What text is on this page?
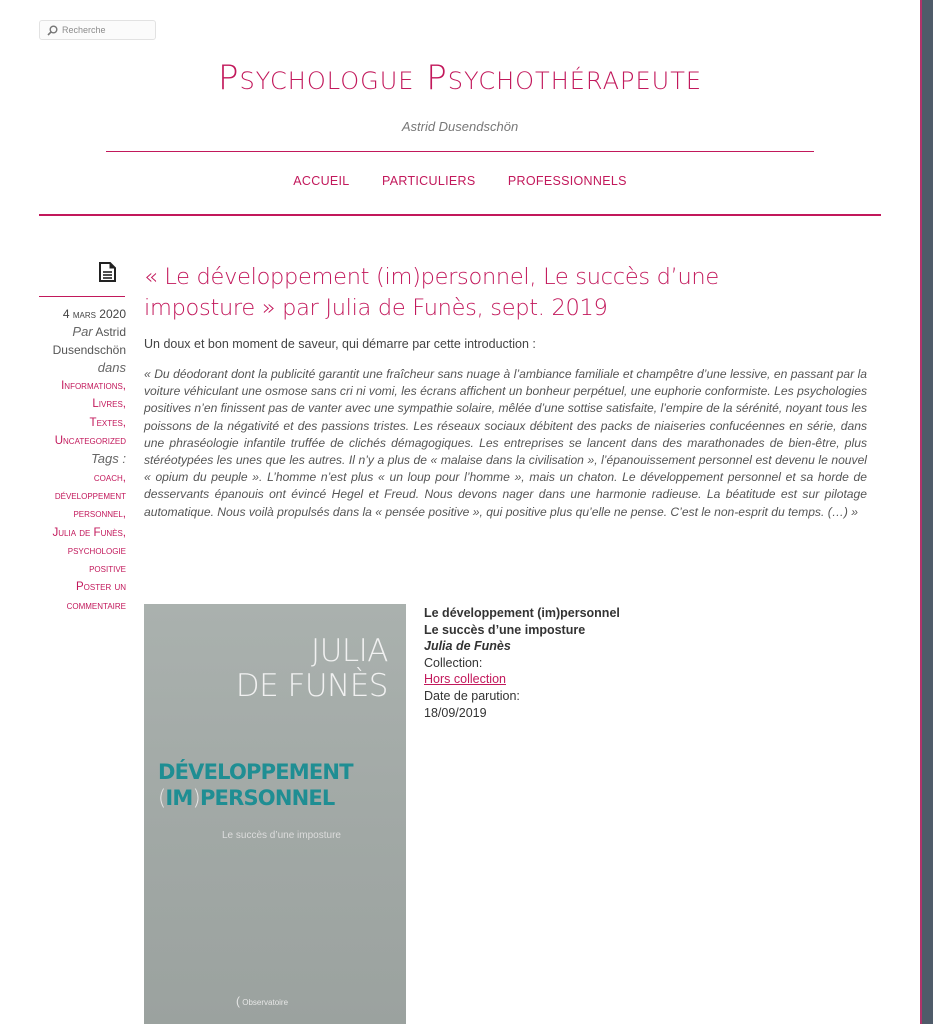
Recherche
Psychologue Psychothérapeute
Astrid Dusendschön
ACCUEIL	PARTICULIERS	PROFESSIONNELS
4 mars 2020
Par Astrid Dusendschön
dans
Informations,
Livres,
Textes,
Uncategorized
Tags :
coach,
développement personnel,
Julia de Funès,
psychologie positive
Poster un commentaire
« Le développement (im)personnel, Le succès d’une imposture » par Julia de Funès, sept. 2019

Un doux et bon moment de saveur, qui démarre par cette introduction :

« Du déodorant dont la publicité garantit une fraîcheur sans nuage à l’ambiance familiale et champêtre d’une lessive, en passant par la voiture véhiculant une osmose sans cri ni vomi, les écrans affichent un bonheur perpétuel, une euphorie conformiste. Les psychologies positives n’en finissent pas de vanter avec une sympathie solaire, mêlée d’une sottise satisfaite, l’empire de la sérénité, noyant tous les poissons de la négativité et des passions tristes. Les réseaux sociaux débitent des packs de niaiseries confucéennes en série, dans une phraséologie infantile truffée de clichés démagogiques. Les entreprises se lancent dans des marathonades de bien-être, plus stéréotypées les unes que les autres. Il n’y a plus de « malaise dans la civilisation », l’épanouissement personnel est devenu le nouvel « opium du peuple ». L’homme n’est plus « un loup pour l’homme », mais un chaton. Le développement personnel et sa horde de desservants épanouis ont évincé Hegel et Freud. Nous devons nager dans une harmonie radieuse. La béatitude est sur pilotage automatique. Nous voilà propulsés dans la « pensée positive », qui positive plus qu’elle ne pense. C’est le non-esprit du temps. (…) »

JULIA
DE FUNÈS
DÉVELOPPEMENT
(IM)PERSONNEL
Le succès d’une imposture
( Observatoire
Le développement (im)personnel
Le succès d’une imposture
Julia de Funès
Collection:
Hors collection
Date de parution:
18/09/2019
